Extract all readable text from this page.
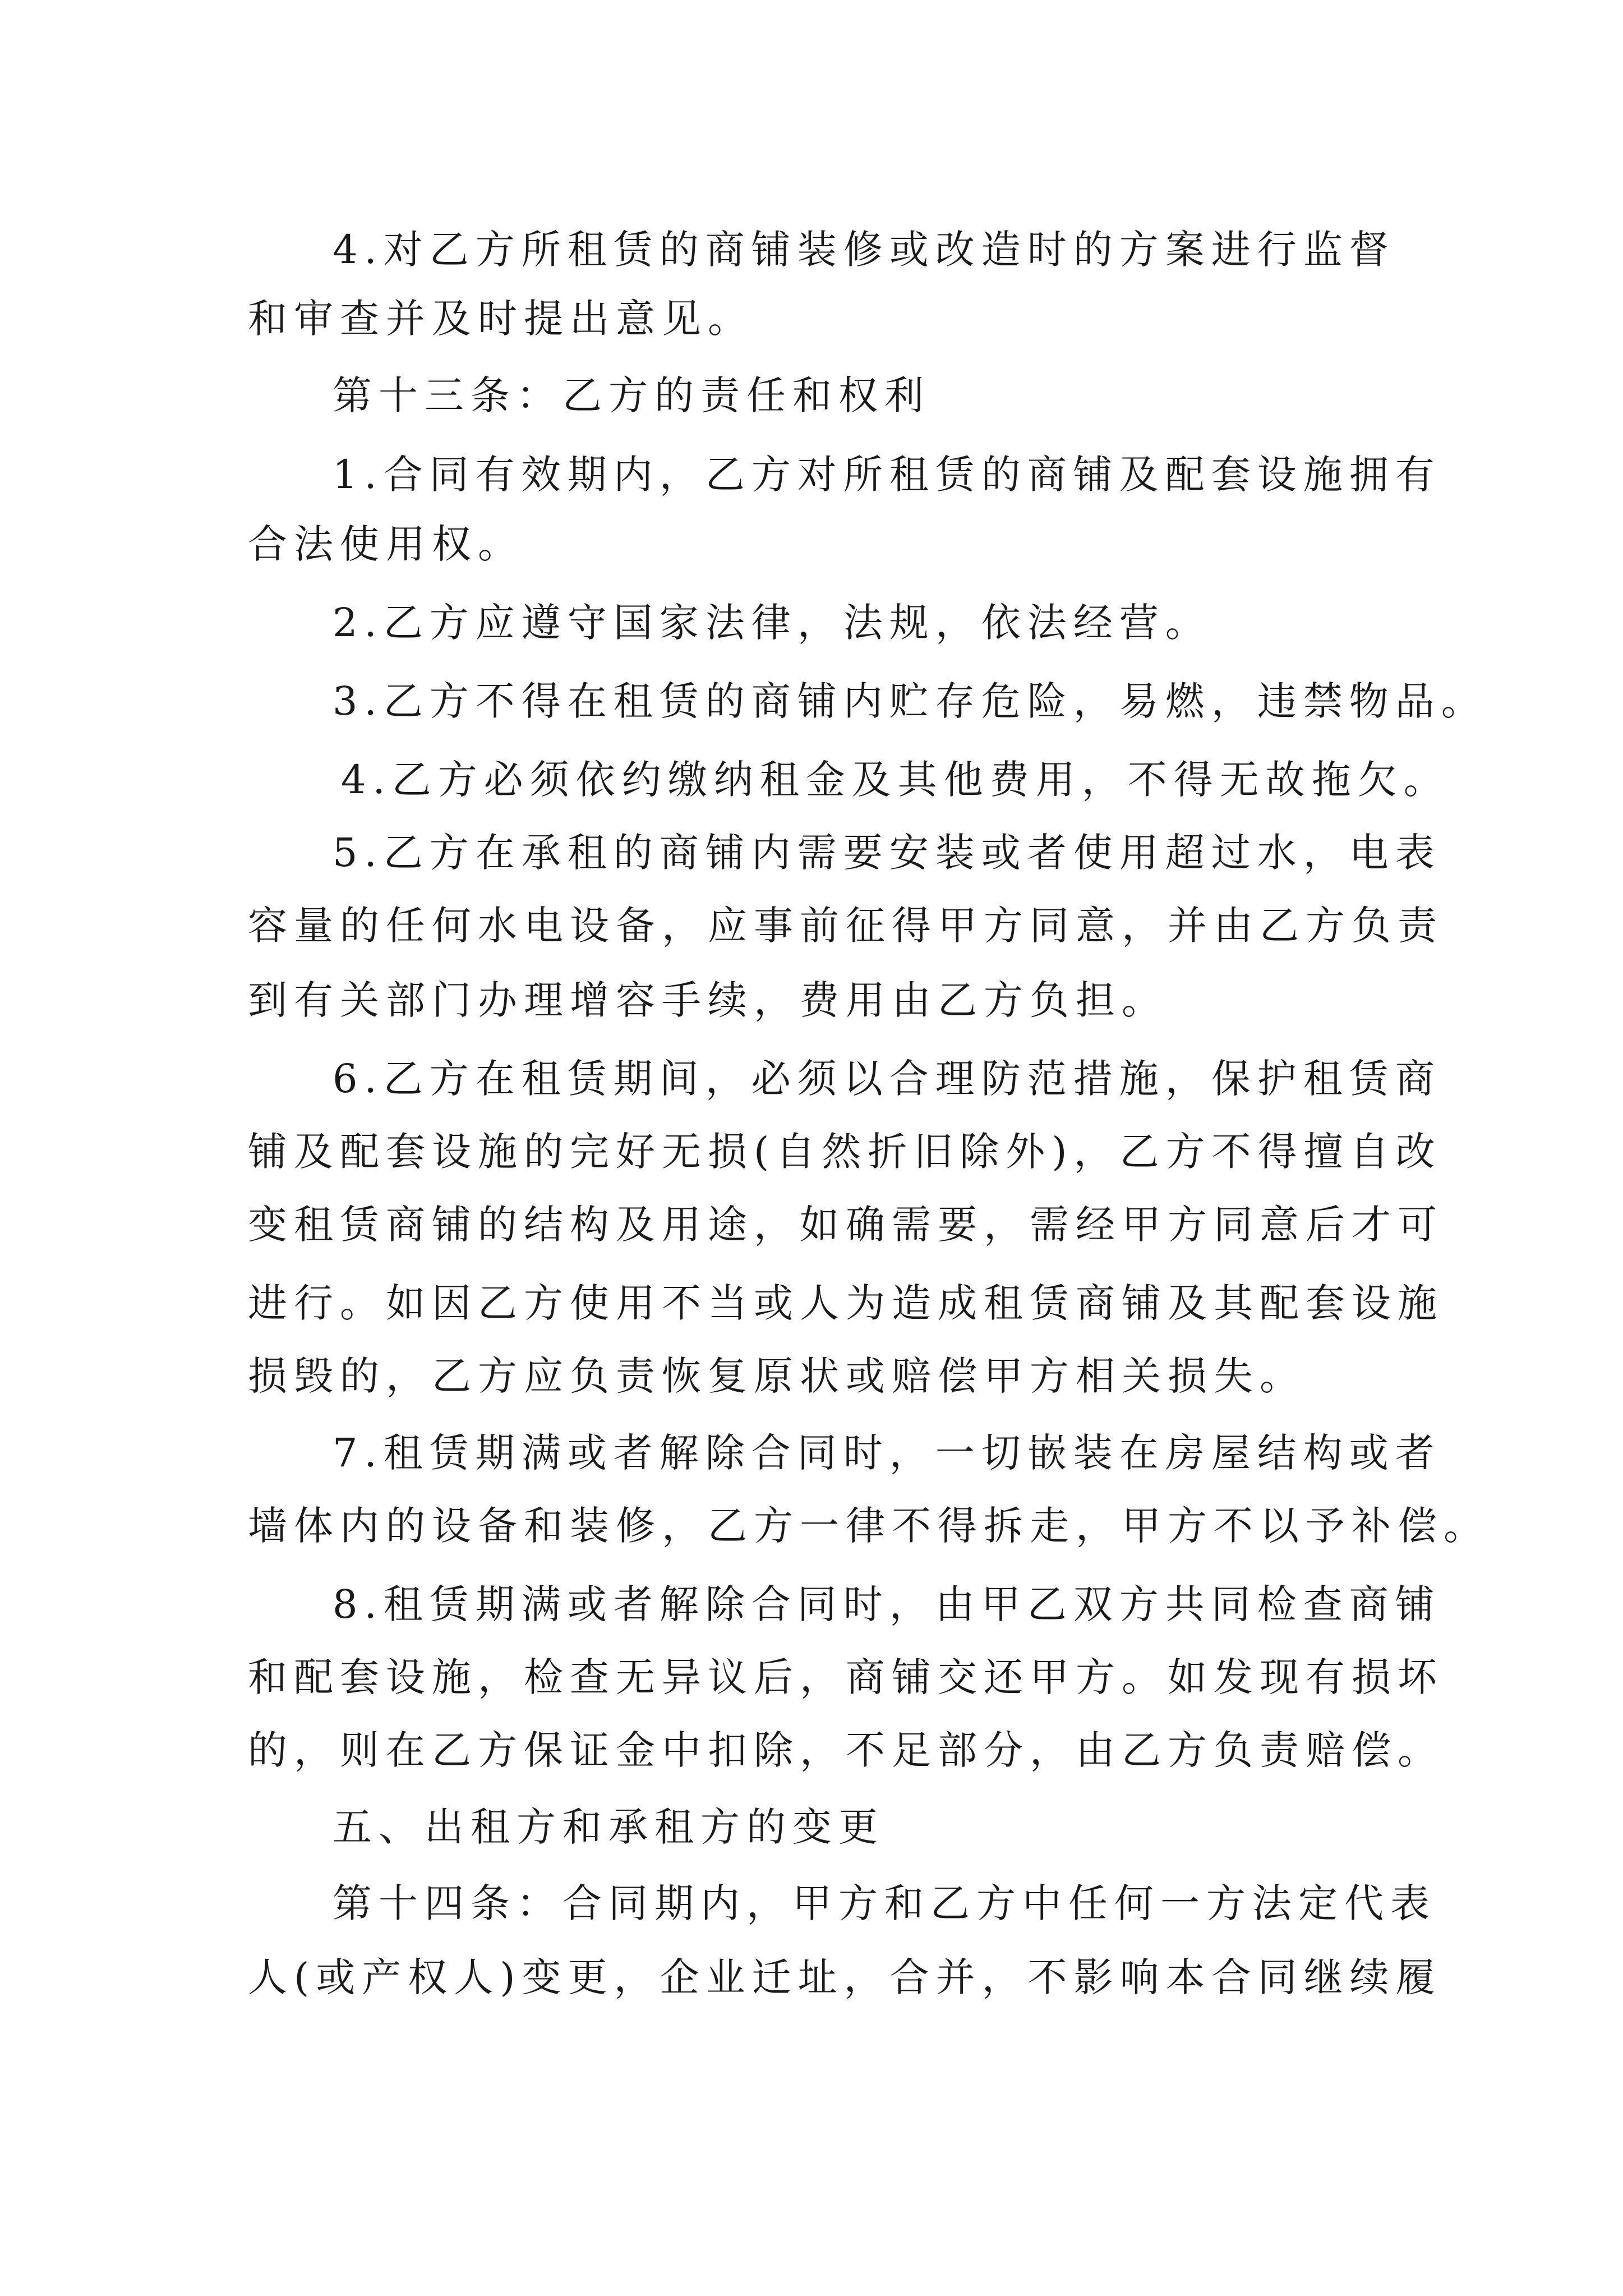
4.对乙方所租赁的商铺装修或改造时的方案进行监督

和审查并及时提出意见。

第十三条：乙方的责任和权利

1.合同有效期内，乙方对所租赁的商铺及配套设施拥有

合法使用权。

2.乙方应遵守国家法律，法规，依法经营。

3.乙方不得在租赁的商铺内贮存危险，易燃，违禁物品。

4.乙方必须依约缴纳租金及其他费用，不得无故拖欠。

5.乙方在承租的商铺内需要安装或者使用超过水，电表

容量的任何水电设备，应事前征得甲方同意，并由乙方负责

到有关部门办理增容手续，费用由乙方负担。

6.乙方在租赁期间，必须以合理防范措施，保护租赁商

铺及配套设施的完好无损(自然折旧除外)，乙方不得擅自改

变租赁商铺的结构及用途，如确需要，需经甲方同意后才可

进行。如因乙方使用不当或人为造成租赁商铺及其配套设施

损毁的，乙方应负责恢复原状或赔偿甲方相关损失。

7.租赁期满或者解除合同时，一切嵌装在房屋结构或者

墙体内的设备和装修，乙方一律不得拆走，甲方不以予补偿。

8.租赁期满或者解除合同时，由甲乙双方共同检查商铺

和配套设施，检查无异议后，商铺交还甲方。如发现有损坏

的，则在乙方保证金中扣除，不足部分，由乙方负责赔偿。

五、出租方和承租方的变更

第十四条：合同期内，甲方和乙方中任何一方法定代表

人(或产权人)变更，企业迁址，合并，不影响本合同继续履
